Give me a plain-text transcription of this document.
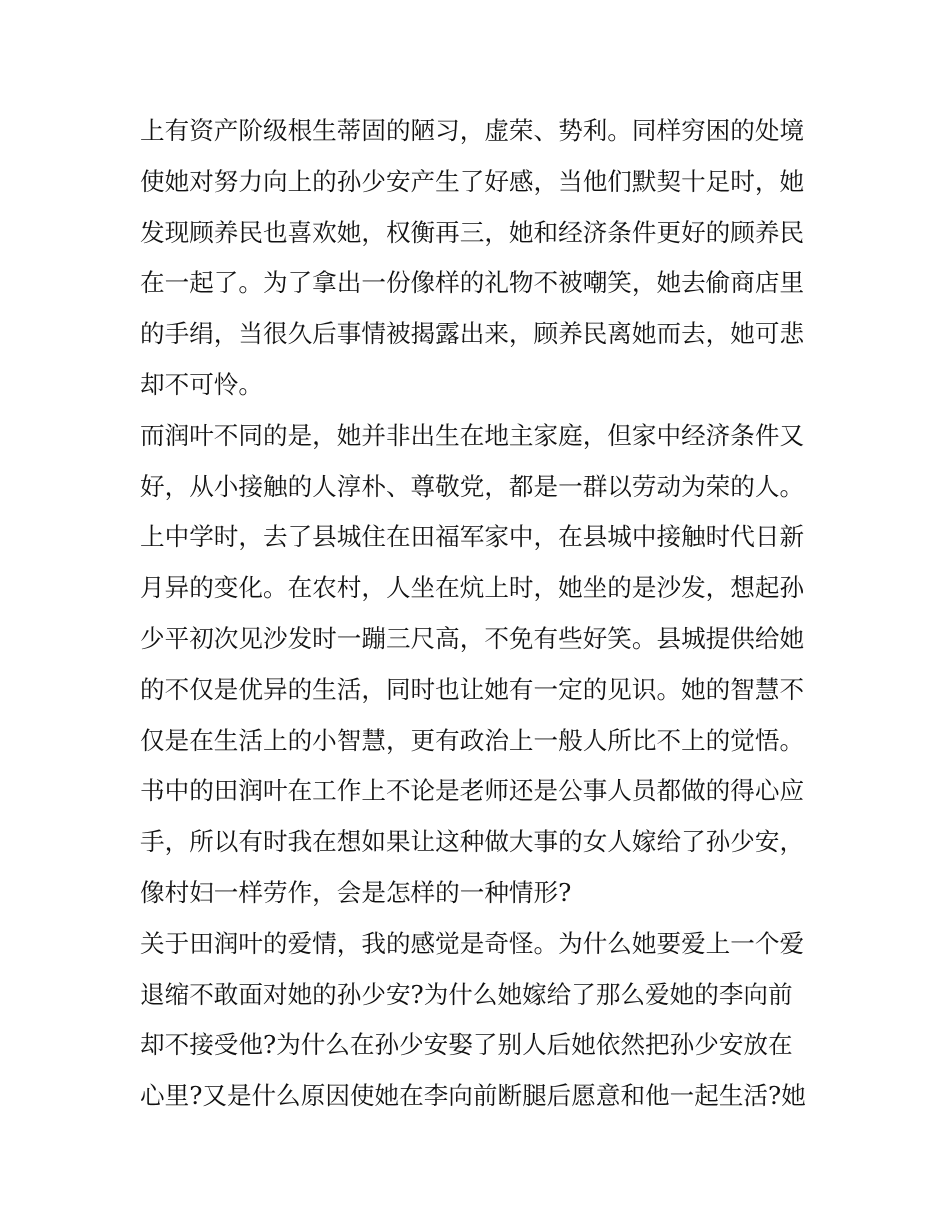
上有资产阶级根生蒂固的陋习，虚荣、势利。同样穷困的处境
使她对努力向上的孙少安产生了好感，当他们默契十足时，她
发现顾养民也喜欢她，权衡再三，她和经济条件更好的顾养民
在一起了。为了拿出一份像样的礼物不被嘲笑，她去偷商店里
的手绢，当很久后事情被揭露出来，顾养民离她而去，她可悲
却不可怜。
而润叶不同的是，她并非出生在地主家庭，但家中经济条件又
好，从小接触的人淳朴、尊敬党，都是一群以劳动为荣的人。
上中学时，去了县城住在田福军家中，在县城中接触时代日新
月异的变化。在农村，人坐在炕上时，她坐的是沙发，想起孙
少平初次见沙发时一蹦三尺高，不免有些好笑。县城提供给她
的不仅是优异的生活，同时也让她有一定的见识。她的智慧不
仅是在生活上的小智慧，更有政治上一般人所比不上的觉悟。
书中的田润叶在工作上不论是老师还是公事人员都做的得心应
手，所以有时我在想如果让这种做大事的女人嫁给了孙少安，
像村妇一样劳作，会是怎样的一种情形?
关于田润叶的爱情，我的感觉是奇怪。为什么她要爱上一个爱
退缩不敢面对她的孙少安?为什么她嫁给了那么爱她的李向前
却不接受他?为什么在孙少安娶了别人后她依然把孙少安放在
心里?又是什么原因使她在李向前断腿后愿意和他一起生活?她
